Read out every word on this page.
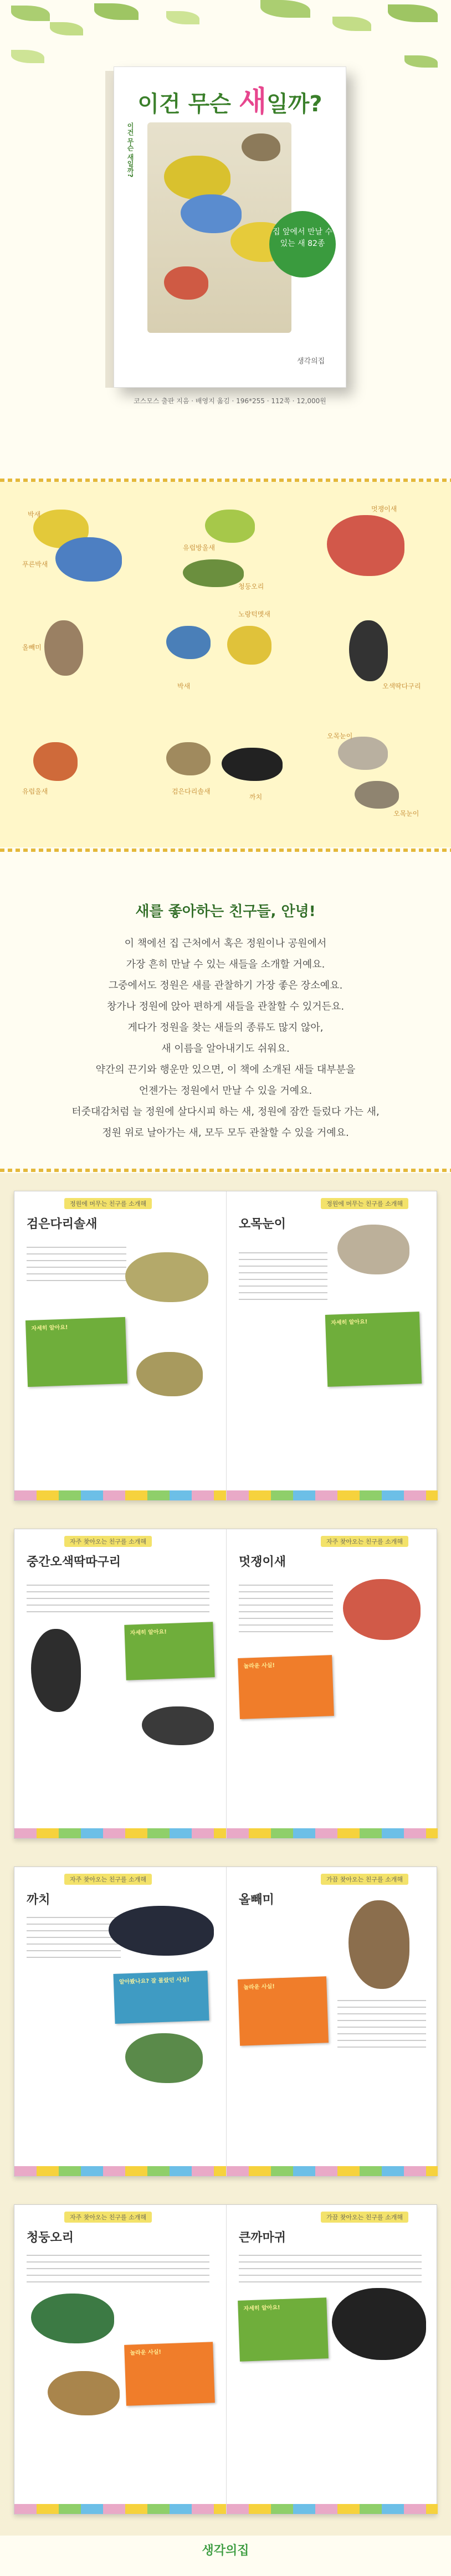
이건 무슨 새일까?
이건 무슨 새일까?
집 앞에서 만날 수 있는 새 82종
생각의집
코스모스 출판 지음 · 배영지 옮김 · 196*255 · 112쪽 · 12,000원
박새
푸른박새
유럽방울새
청둥오리
멋쟁이새
올빼미
노랑턱멧새
박새	오색딱다구리
유럽울새	검은다리솔새
까치
오목눈이
오목눈이
새를 좋아하는 친구들, 안녕!
이 책에선 집 근처에서 혹은 정원이나 공원에서
가장 흔히 만날 수 있는 새들을 소개할 거예요.
그중에서도 정원은 새를 관찰하기 가장 좋은 장소예요.
창가나 정원에 앉아 편하게 새들을 관찰할 수 있거든요.
게다가 정원을 찾는 새들의 종류도 많지 않아,
새 이름을 알아내기도 쉬워요.
약간의 끈기와 행운만 있으면, 이 책에 소개된 새들 대부분을
언젠가는 정원에서 만날 수 있을 거예요.
터줏대감처럼 늘 정원에 살다시피 하는 새, 정원에 잠깐 들렀다 가는 새,
정원 위로 날아가는 새, 모두 모두 관찰할 수 있을 거예요.
정원에 머무는 친구를 소개해
검은다리솔새
자세히 알아요!
정원에 머무는 친구를 소개해
오목눈이
자세히 알아요!
자주 찾아오는 친구를 소개해
중간오색딱따구리
자세히 알아요!
자주 찾아오는 친구를 소개해
멋쟁이새
놀라운 사실!
자주 찾아오는 친구를 소개해
까치
알아봤나요? 잘 몰랐던 사실!
가끔 찾아오는 친구를 소개해
올빼미
놀라운 사실!
자주 찾아오는 친구를 소개해
청둥오리
놀라운 사실!
가끔 찾아오는 친구를 소개해
큰까마귀
자세히 알아요!
생각의집
